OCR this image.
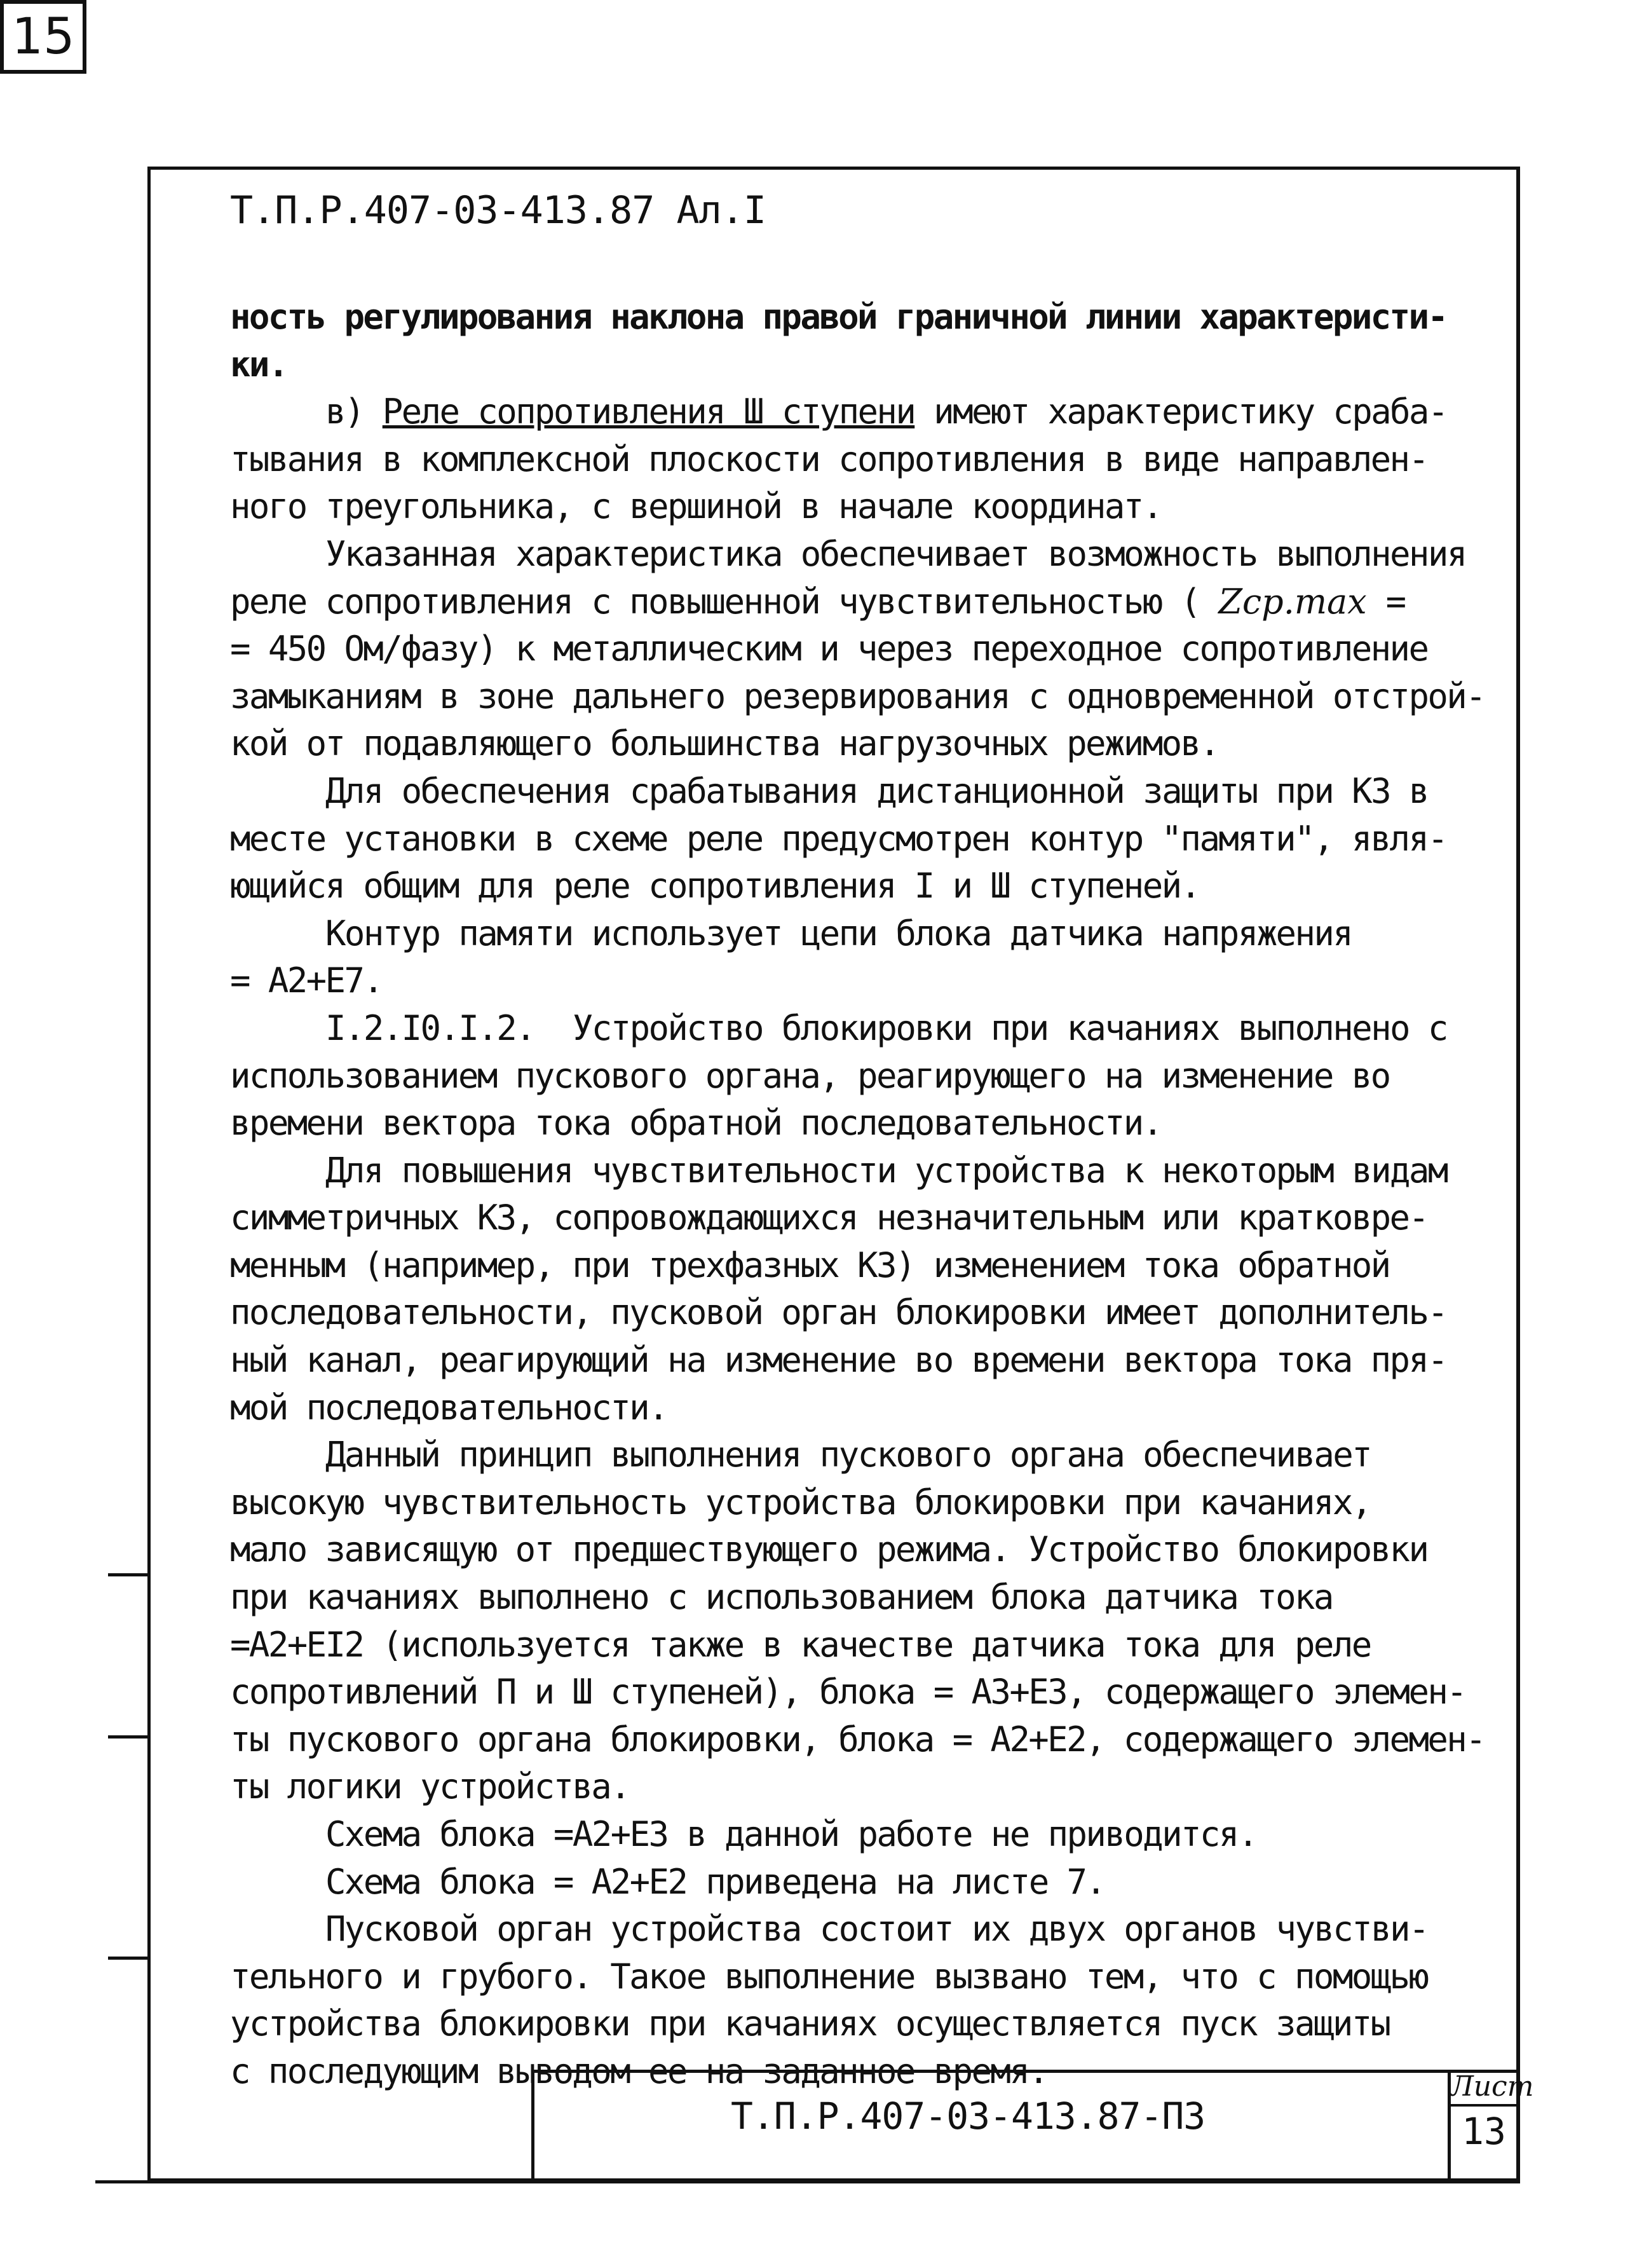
15
Т.П.Р.407-03-413.87 Ал.I

ность регулирования наклона правой граничной линии характеристи-

ки.

в) Реле сопротивления Ш ступени имеют характеристику сраба-

тывания в комплексной плоскости сопротивления в виде направлен-

ного треугольника, с вершиной в начале координат.

Указанная характеристика обеспечивает возможность выполнения

реле сопротивления с повышенной чувствительностью ( Zср.max =

= 450 Ом/фазу) к металлическим и через переходное сопротивление

замыканиям в зоне дальнего резервирования с одновременной отстрой-

кой от подавляющего большинства нагрузочных режимов.

Для обеспечения срабатывания дистанционной защиты при КЗ в

месте установки в схеме реле предусмотрен контур "памяти", явля-

ющийся общим для реле сопротивления I и Ш ступеней.

Контур памяти использует цепи блока датчика напряжения

= А2+Е7.

I.2.I0.I.2.  Устройство блокировки при качаниях выполнено с

использованием пускового органа, реагирующего на изменение во

времени вектора тока обратной последовательности.

Для повышения чувствительности устройства к некоторым видам

симметричных КЗ, сопровождающихся незначительным или кратковре-

менным (например, при трехфазных КЗ) изменением тока обратной

последовательности, пусковой орган блокировки имеет дополнитель-

ный канал, реагирующий на изменение во времени вектора тока пря-

мой последовательности.

Данный принцип выполнения пускового органа обеспечивает

высокую чувствительность устройства блокировки при качаниях,

мало зависящую от предшествующего режима. Устройство блокировки

при качаниях выполнено с использованием блока датчика тока

=А2+ЕI2 (используется также в качестве датчика тока для реле

сопротивлений П и Ш ступеней), блока = А3+Е3, содержащего элемен-

ты пускового органа блокировки, блока = А2+Е2, содержащего элемен-

ты логики устройства.

Схема блока =А2+Е3 в данной работе не приводится.

Схема блока = А2+Е2 приведена на листе 7.

Пусковой орган устройства состоит их двух органов чувстви-

тельного и грубого. Такое выполнение вызвано тем, что с помощью

устройства блокировки при качаниях осуществляется пуск защиты

с последующим выводом ее на заданное время.

Т.П.Р.407-03-413.87-ПЗ
Лист
13
